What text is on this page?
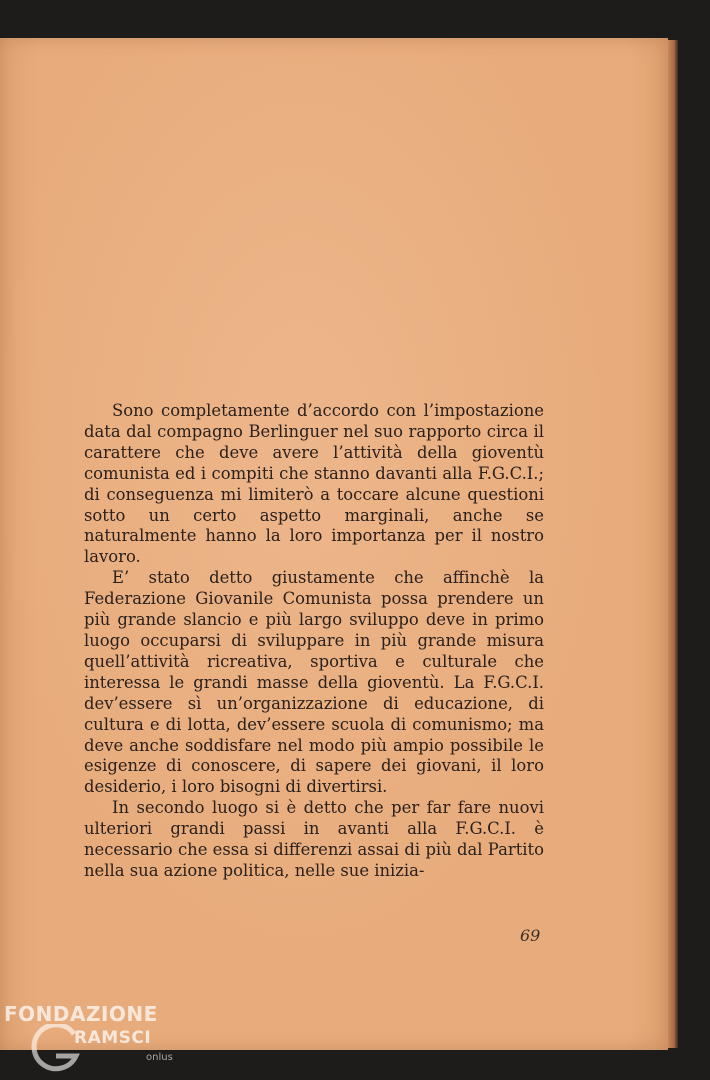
Sono completamente d’accordo con l’impostazione data dal compagno Berlinguer nel suo rapporto circa il carattere che deve avere l’attività della gioventù comunista ed i compiti che stanno davanti alla F.G.C.I.; di conseguenza mi limiterò a toccare alcune questioni sotto un certo aspetto marginali, anche se naturalmente hanno la loro importanza per il nostro lavoro.

E’ stato detto giustamente che affinchè la Federazione Giovanile Comunista possa prendere un più grande slancio e più largo sviluppo deve in primo luogo occuparsi di sviluppare in più grande misura quell’attività ricreativa, sportiva e culturale che interessa le grandi masse della gioventù. La F.G.C.I. dev’essere sì un’organizzazione di educazione, di cultura e di lotta, dev’essere scuola di comunismo; ma deve anche soddisfare nel modo più ampio possibile le esigenze di conoscere, di sapere dei giovani, il loro desiderio, i loro bisogni di divertirsi.

In secondo luogo si è detto che per far fare nuovi ulteriori grandi passi in avanti alla F.G.C.I. è necessario che essa si differenzi assai di più dal Partito nella sua azione politica, nelle sue inizia-

69
FONDAZIONE
RAMSCI
onlus
